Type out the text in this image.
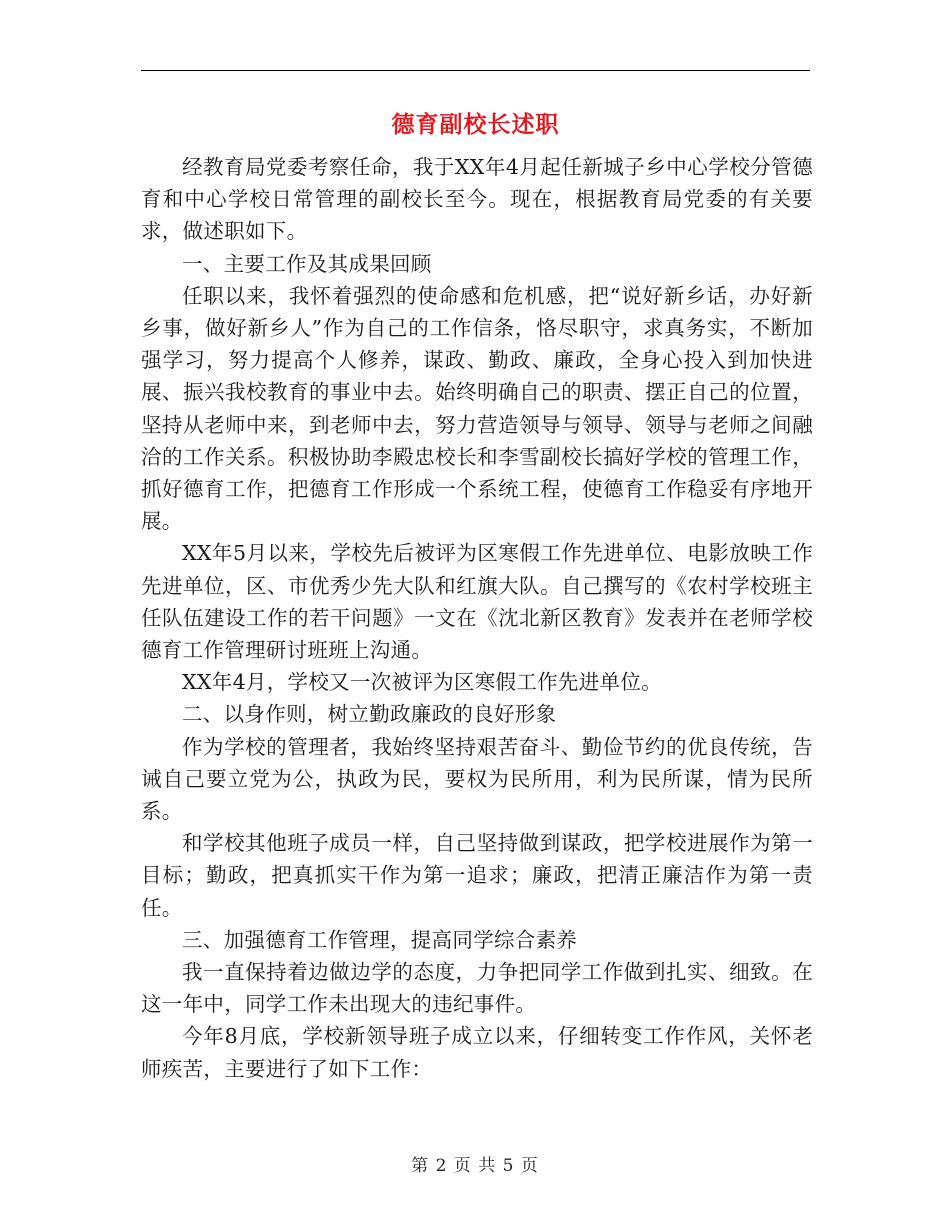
德育副校长述职

经教育局党委考察任命，我于XX年4月起任新城子乡中心学校分管德育和中心学校日常管理的副校长至今。现在，根据教育局党委的有关要求，做述职如下。

一、主要工作及其成果回顾

任职以来，我怀着强烈的使命感和危机感，把“说好新乡话，办好新乡事，做好新乡人”作为自己的工作信条，恪尽职守，求真务实，不断加强学习，努力提高个人修养，谋政、勤政、廉政，全身心投入到加快进展、振兴我校教育的事业中去。始终明确自己的职责、摆正自己的位置，坚持从老师中来，到老师中去，努力营造领导与领导、领导与老师之间融洽的工作关系。积极协助李殿忠校长和李雪副校长搞好学校的管理工作，抓好德育工作，把德育工作形成一个系统工程，使德育工作稳妥有序地开展。

XX年5月以来，学校先后被评为区寒假工作先进单位、电影放映工作先进单位，区、市优秀少先大队和红旗大队。自己撰写的《农村学校班主任队伍建设工作的若干问题》一文在《沈北新区教育》发表并在老师学校德育工作管理研讨班班上沟通。

XX年4月，学校又一次被评为区寒假工作先进单位。

二、以身作则，树立勤政廉政的良好形象

作为学校的管理者，我始终坚持艰苦奋斗、勤俭节约的优良传统，告诫自己要立党为公，执政为民，要权为民所用，利为民所谋，情为民所系。

和学校其他班子成员一样，自己坚持做到谋政，把学校进展作为第一目标；勤政，把真抓实干作为第一追求；廉政，把清正廉洁作为第一责任。

三、加强德育工作管理，提高同学综合素养

我一直保持着边做边学的态度，力争把同学工作做到扎实、细致。在这一年中，同学工作未出现大的违纪事件。

今年8月底，学校新领导班子成立以来，仔细转变工作作风，关怀老师疾苦，主要进行了如下工作：

第 2 页 共 5 页
